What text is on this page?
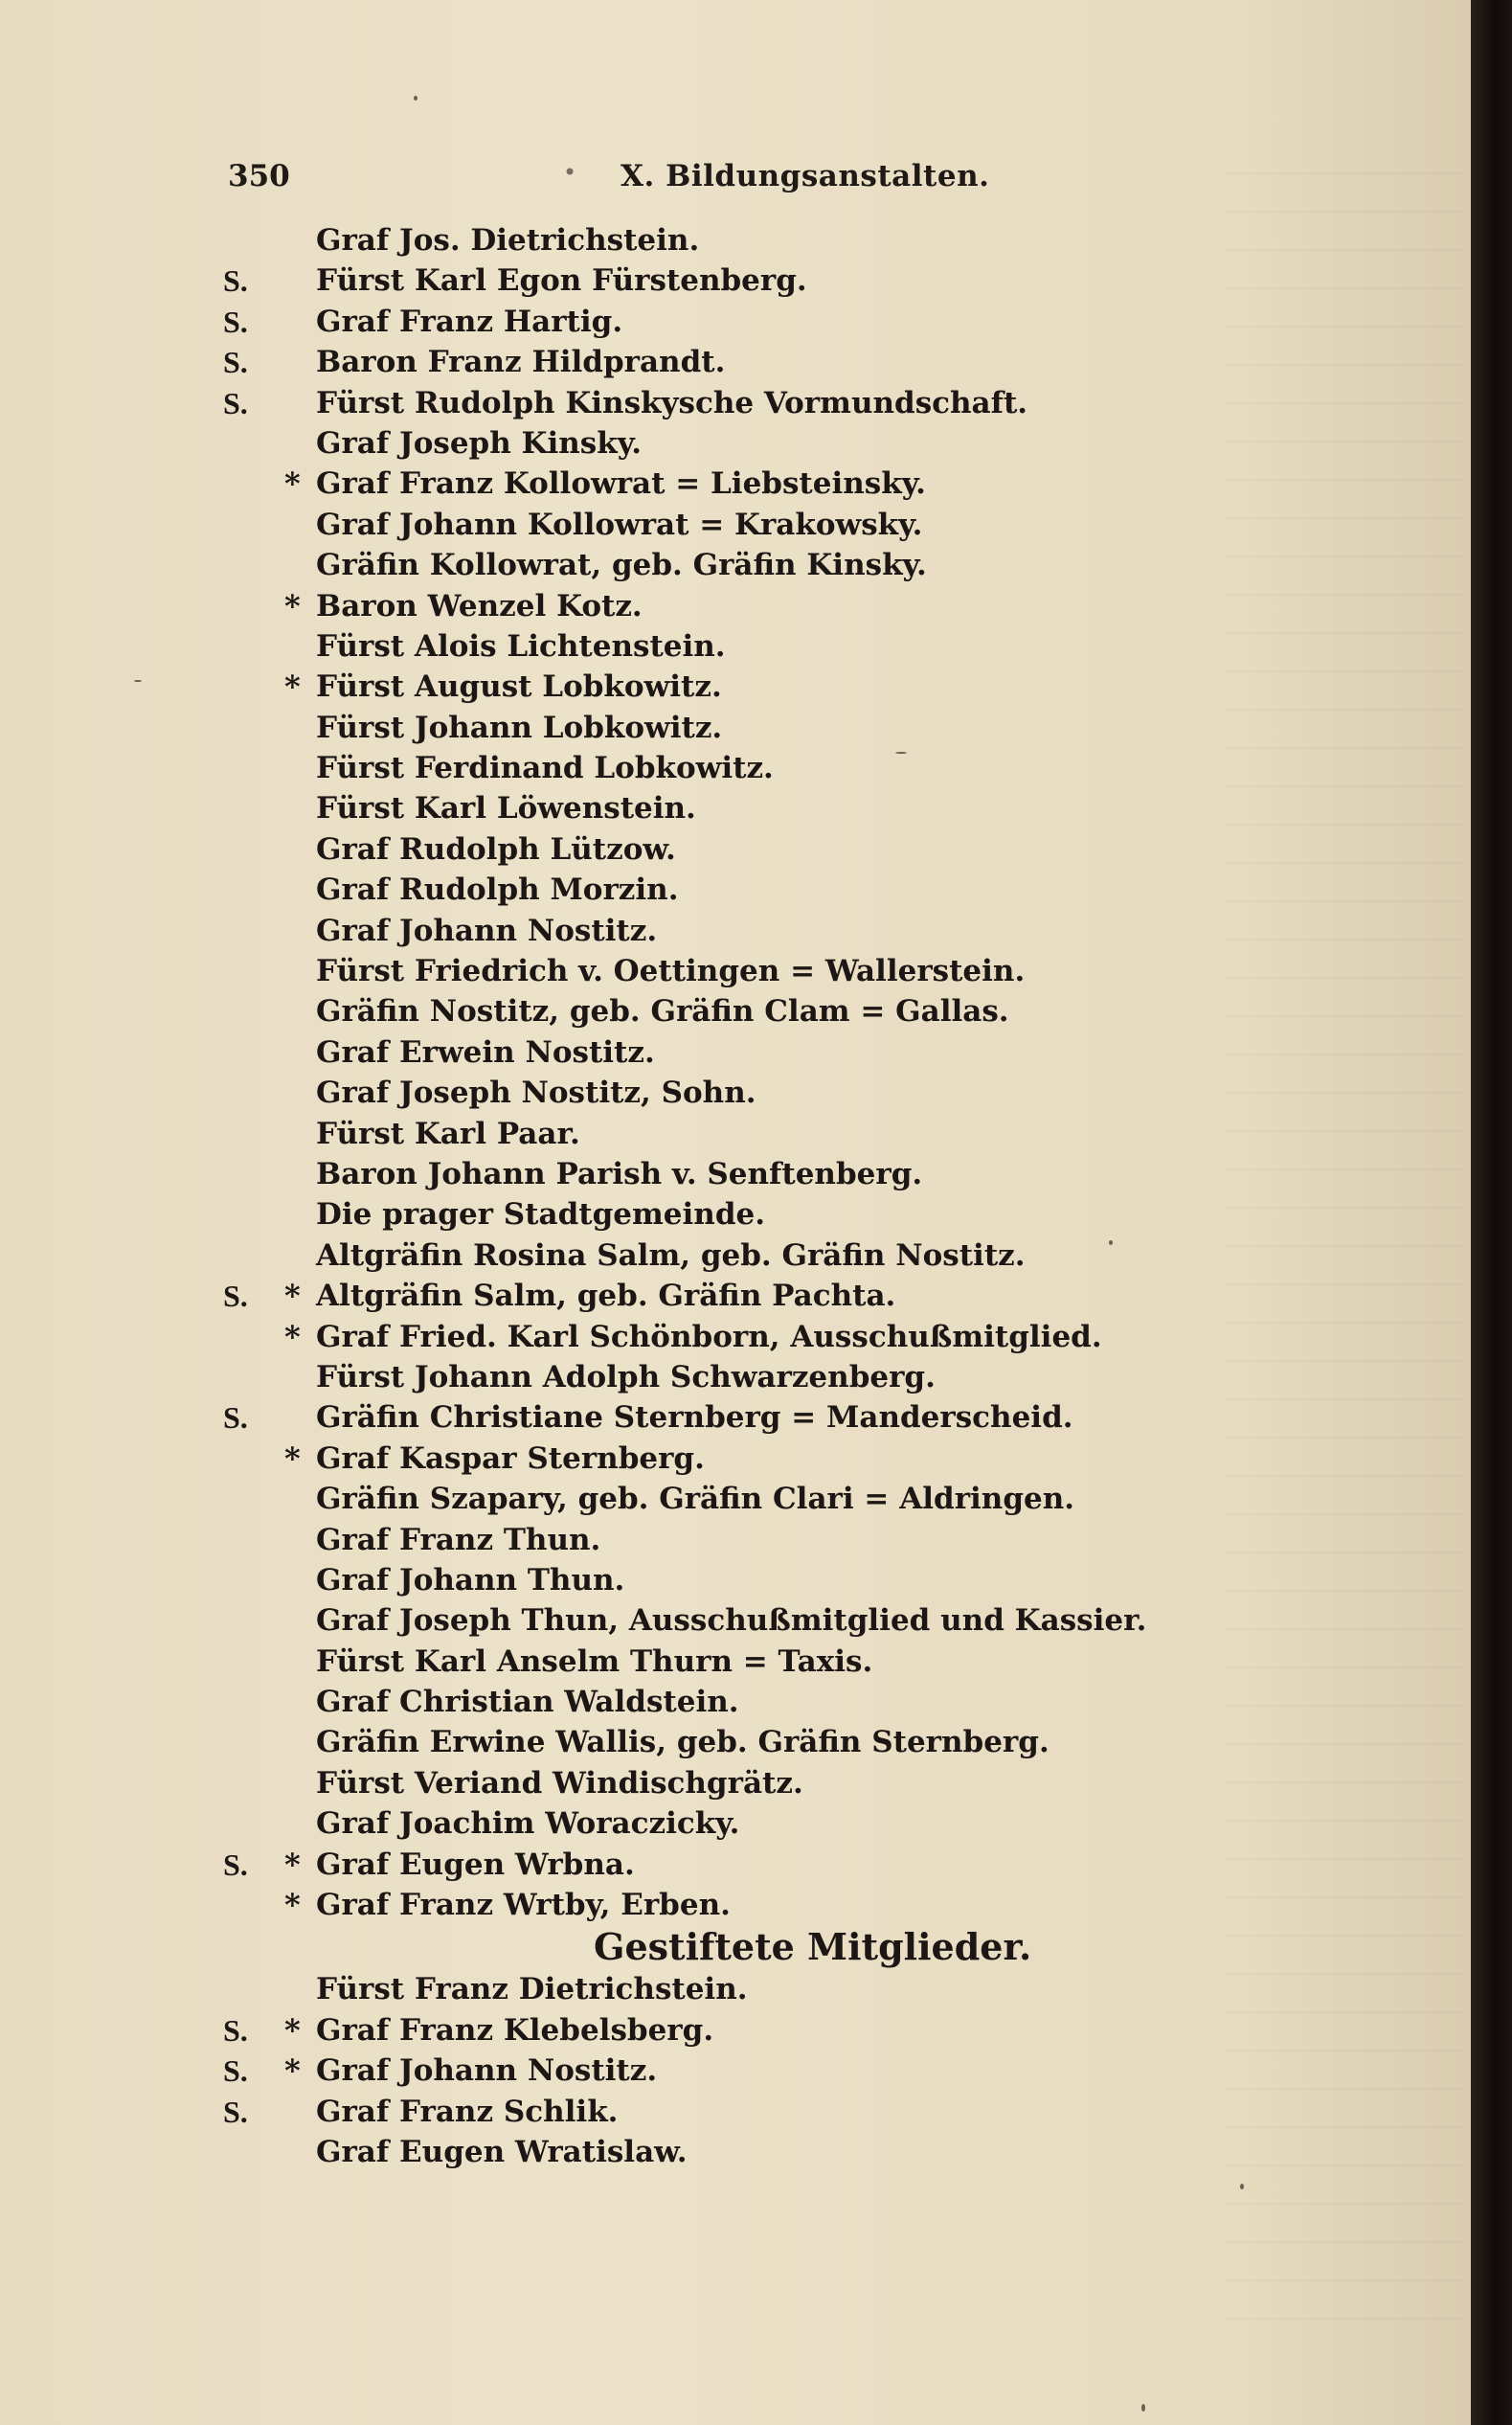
350	• X. Bildungsanstalten.
Graf Jos. Dietrichstein.
S. Fürst Karl Egon Fürstenberg.
S. Graf Franz Hartig.
S. Baron Franz Hildprandt.
S. Fürst Rudolph Kinskysche Vormundschaft.
Graf Joseph Kinsky.
* Graf Franz Kollowrat = Liebsteinsky.
Graf Johann Kollowrat = Krakowsky.
Gräfin Kollowrat, geb. Gräfin Kinsky.
* Baron Wenzel Kotz.
Fürst Alois Lichtenstein.
* Fürst August Lobkowitz.
Fürst Johann Lobkowitz.
Fürst Ferdinand Lobkowitz.
Fürst Karl Löwenstein.
Graf Rudolph Lützow.
Graf Rudolph Morzin.
Graf Johann Nostitz.
Fürst Friedrich v. Oettingen = Wallerstein.
Gräfin Nostitz, geb. Gräfin Clam = Gallas.
Graf Erwein Nostitz.
Graf Joseph Nostitz, Sohn.
Fürst Karl Paar.
Baron Johann Parish v. Senftenberg.
Die prager Stadtgemeinde.
Altgräfin Rosina Salm, geb. Gräfin Nostitz.
S. * Altgräfin Salm, geb. Gräfin Pachta.
* Graf Fried. Karl Schönborn, Ausschußmitglied.
Fürst Johann Adolph Schwarzenberg.
S. Gräfin Christiane Sternberg = Manderscheid.
* Graf Kaspar Sternberg.
Gräfin Szapary, geb. Gräfin Clari = Aldringen.
Graf Franz Thun.
Graf Johann Thun.
Graf Joseph Thun, Ausschußmitglied und Kassier.
Fürst Karl Anselm Thurn = Taxis.
Graf Christian Waldstein.
Gräfin Erwine Wallis, geb. Gräfin Sternberg.
Fürst Veriand Windischgrätz.
Graf Joachim Woraczicky.
S. * Graf Eugen Wrbna.
* Graf Franz Wrtby, Erben.
Gestiftete Mitglieder.
Fürst Franz Dietrichstein.
S. * Graf Franz Klebelsberg.
S. * Graf Johann Nostitz.
S. Graf Franz Schlik.
Graf Eugen Wratislaw.
